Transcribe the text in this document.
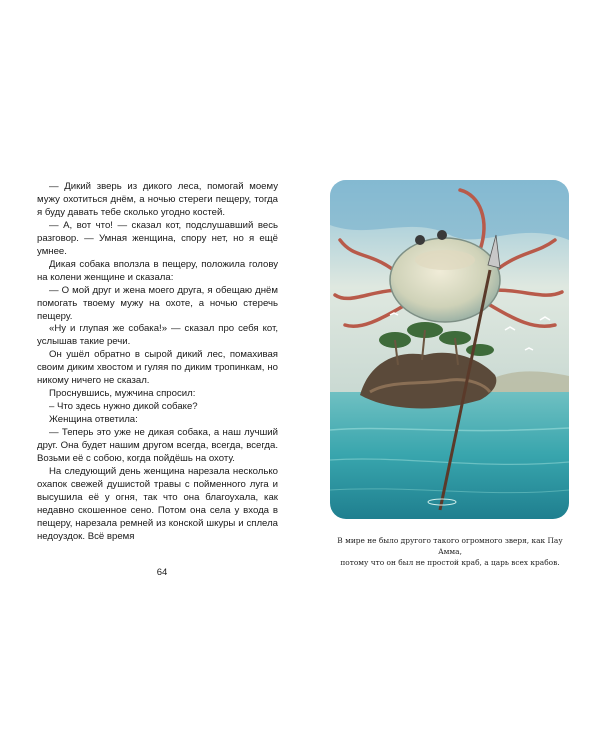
— Дикий зверь из дикого леса, помогай моему мужу охотиться днём, а ночью стереги пещеру, тогда я буду давать тебе сколько угодно костей.

— А, вот что! — сказал кот, подслушавший весь разговор. — Умная женщина, спору нет, но я ещё умнее.

Дикая собака вползла в пещеру, положила голову на колени женщине и сказала:

— О мой друг и жена моего друга, я обещаю днём помогать твоему мужу на охоте, а ночью стеречь пещеру.

«Ну и глупая же собака!» — сказал про себя кот, услышав такие речи.

Он ушёл обратно в сырой дикий лес, помахивая своим диким хвостом и гуляя по диким тропинкам, но никому ничего не сказал.

Проснувшись, мужчина спросил:

– Что здесь нужно дикой собаке?

Женщина ответила:

— Теперь это уже не дикая собака, а наш лучший друг. Она будет нашим другом всегда, всегда, всегда. Возьми её с собою, когда пойдёшь на охоту.

На следующий день женщина нарезала несколько охапок свежей душистой травы с пойменного луга и высушила её у огня, так что она благоухала, как недавно скошенное сено. Потом она села у входа в пещеру, нарезала ремней из конской шкуры и сплела недоуздок. Всё время

64
В мире не было другого такого огромного зверя, как Пау Амма,
потому что он был не простой краб, а царь всех крабов.
